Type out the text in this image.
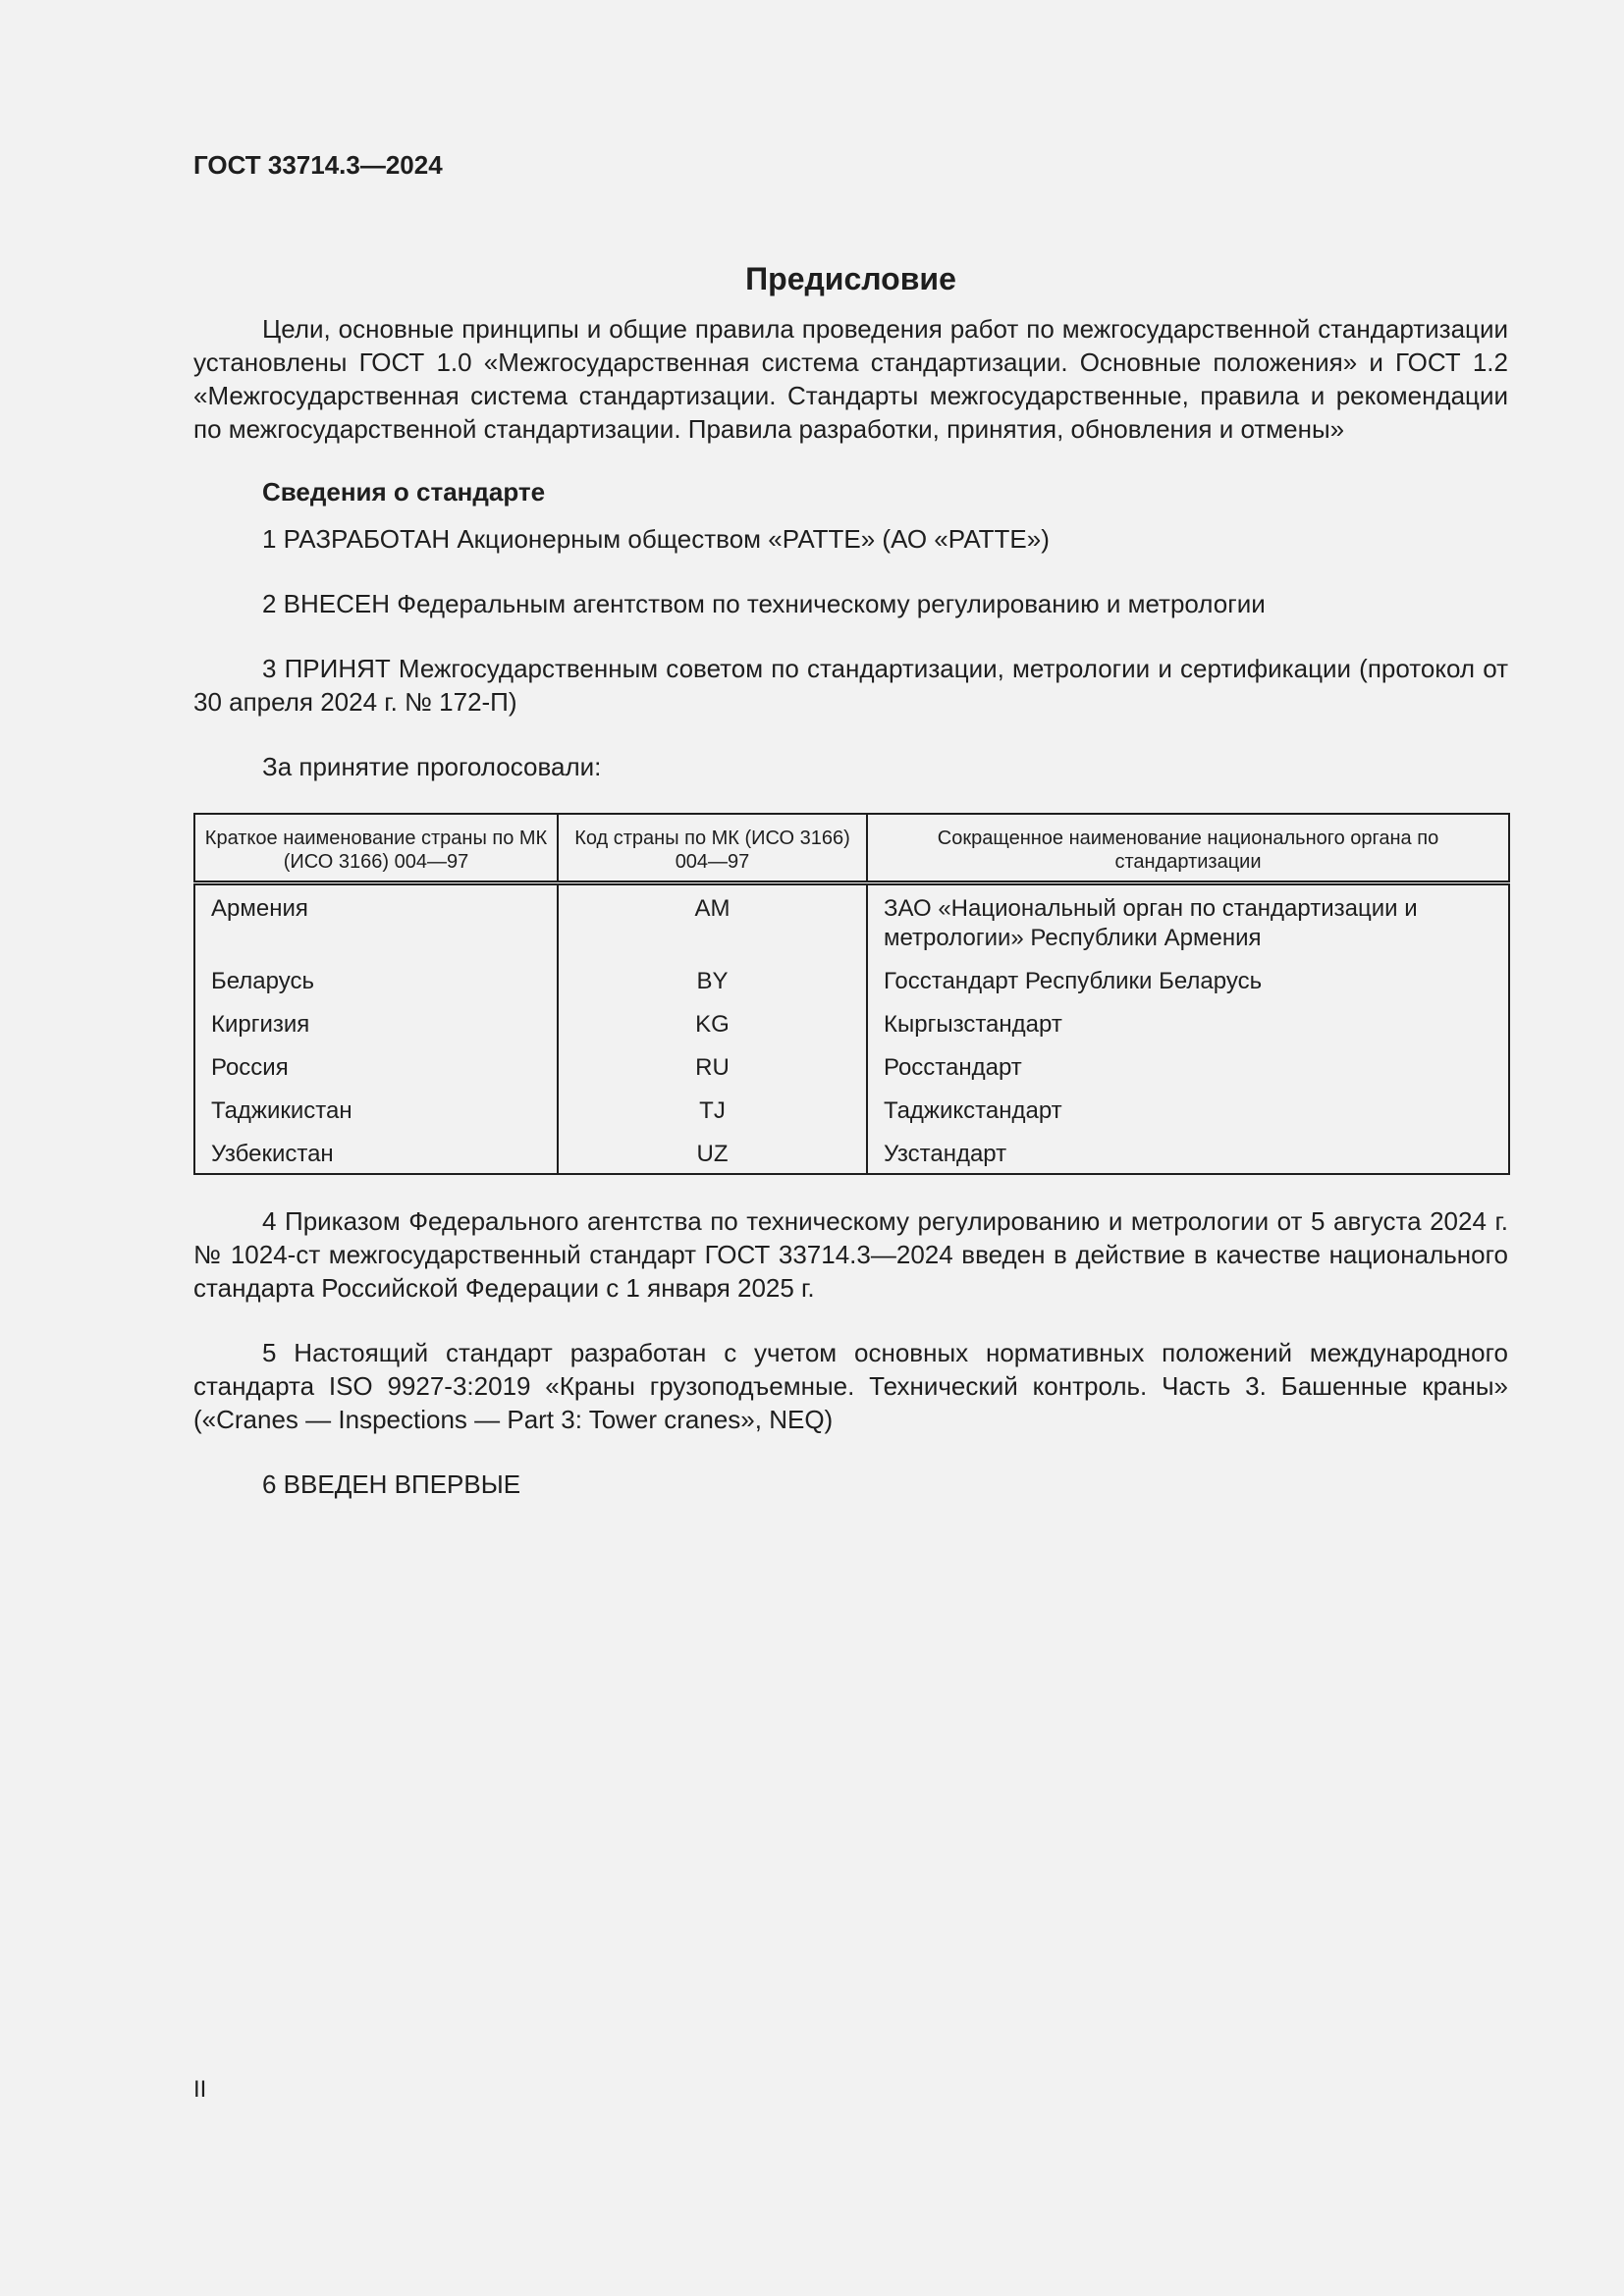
ГОСТ 33714.3—2024

Предисловие

Цели, основные принципы и общие правила проведения работ по межгосударственной стандартизации установлены ГОСТ 1.0 «Межгосударственная система стандартизации. Основные положения» и ГОСТ 1.2 «Межгосударственная система стандартизации. Стандарты межгосударственные, правила и рекомендации по межгосударственной стандартизации. Правила разработки, принятия, обновления и отмены»

Сведения о стандарте

1 РАЗРАБОТАН Акционерным обществом «РАТТЕ» (АО «РАТТЕ»)

2 ВНЕСЕН Федеральным агентством по техническому регулированию и метрологии

3 ПРИНЯТ Межгосударственным советом по стандартизации, метрологии и сертификации (протокол от 30 апреля 2024 г. № 172-П)

За принятие проголосовали:

Краткое наименование страны по МК (ИСО 3166) 004—97	Код страны по МК (ИСО 3166) 004—97	Сокращенное наименование национального органа по стандартизации
Армения	AM	ЗАО «Национальный орган по стандартизации и метрологии» Республики Армения
Беларусь	BY	Госстандарт Республики Беларусь
Киргизия	KG	Кыргызстандарт
Россия	RU	Росстандарт
Таджикистан	TJ	Таджикстандарт
Узбекистан	UZ	Узстандарт

4 Приказом Федерального агентства по техническому регулированию и метрологии от 5 августа 2024 г. № 1024-ст межгосударственный стандарт ГОСТ 33714.3—2024 введен в действие в качестве национального стандарта Российской Федерации с 1 января 2025 г.

5 Настоящий стандарт разработан с учетом основных нормативных положений международного стандарта ISO 9927-3:2019 «Краны грузоподъемные. Технический контроль. Часть 3. Башенные краны» («Cranes — Inspections — Part 3: Tower cranes», NEQ)

6 ВВЕДЕН ВПЕРВЫЕ

II
